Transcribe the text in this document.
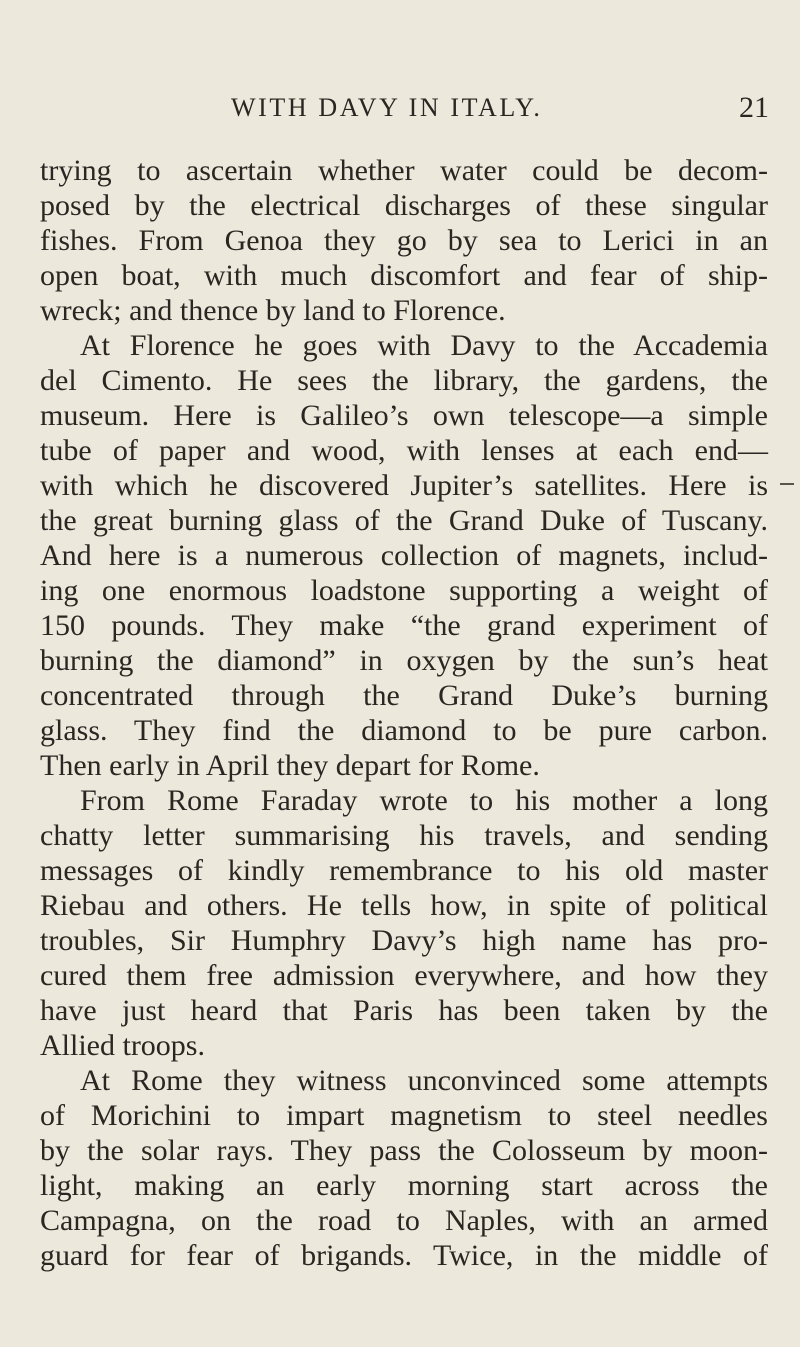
WITH DAVY IN ITALY.	21
trying to ascertain whether water could be decom-
posed by the electrical discharges of these singular
fishes. From Genoa they go by sea to Lerici in an
open boat, with much discomfort and fear of ship-
wreck; and thence by land to Florence.
At Florence he goes with Davy to the Accademia
del Cimento. He sees the library, the gardens, the
museum. Here is Galileo’s own telescope—a simple
tube of paper and wood, with lenses at each end—
with which he discovered Jupiter’s satellites. Here is
the great burning glass of the Grand Duke of Tuscany.
And here is a numerous collection of magnets, includ-
ing one enormous loadstone supporting a weight of
150 pounds. They make “the grand experiment of
burning the diamond” in oxygen by the sun’s heat
concentrated through the Grand Duke’s burning
glass. They find the diamond to be pure carbon.
Then early in April they depart for Rome.
From Rome Faraday wrote to his mother a long
chatty letter summarising his travels, and sending
messages of kindly remembrance to his old master
Riebau and others. He tells how, in spite of political
troubles, Sir Humphry Davy’s high name has pro-
cured them free admission everywhere, and how they
have just heard that Paris has been taken by the
Allied troops.
At Rome they witness unconvinced some attempts
of Morichini to impart magnetism to steel needles
by the solar rays. They pass the Colosseum by moon-
light, making an early morning start across the
Campagna, on the road to Naples, with an armed
guard for fear of brigands. Twice, in the middle of
